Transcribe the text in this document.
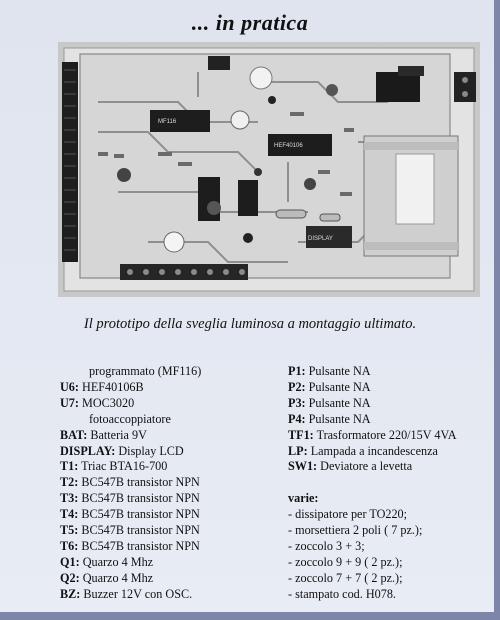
... in pratica
MF116
HEF40106
DISPLAY
Il prototipo della sveglia luminosa a montaggio ultimato.
programmato (MF116)
U6: HEF40106B
U7: MOC3020
fotoaccoppiatore
BAT: Batteria 9V
DISPLAY: Display LCD
T1: Triac BTA16-700
T2: BC547B transistor NPN
T3: BC547B transistor NPN
T4: BC547B transistor NPN
T5: BC547B transistor NPN
T6: BC547B transistor NPN
Q1: Quarzo 4 Mhz
Q2: Quarzo 4 Mhz
BZ: Buzzer 12V con OSC.
P1: Pulsante NA
P2: Pulsante NA
P3: Pulsante NA
P4: Pulsante NA
TF1: Trasformatore 220/15V 4VA
LP: Lampada a incandescenza
SW1: Deviatore a levetta
varie:
- dissipatore per TO220;
- morsettiera 2 poli ( 7 pz.);
- zoccolo 3 + 3;
- zoccolo 9 + 9 ( 2 pz.);
- zoccolo 7 + 7 ( 2 pz.);
- stampato cod. H078.
